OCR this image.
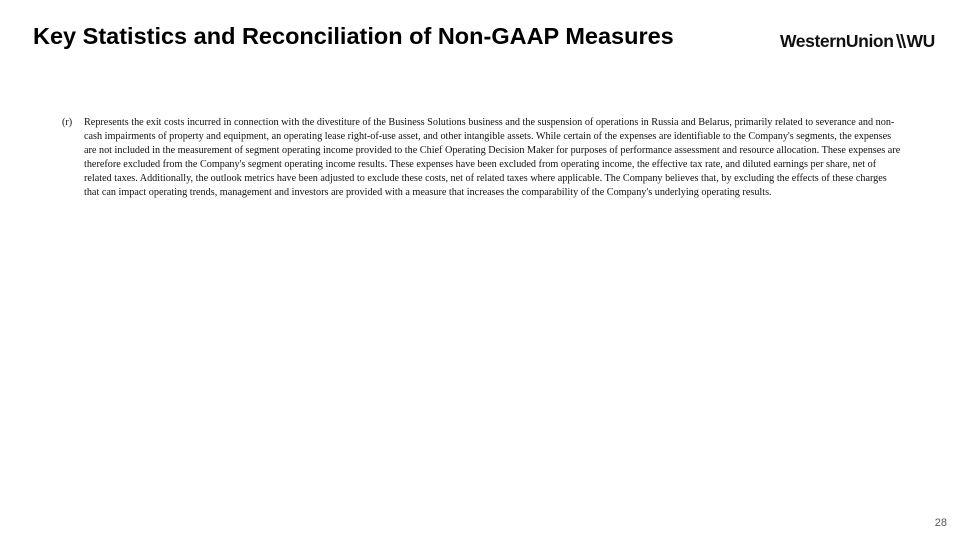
Key Statistics and Reconciliation of Non-GAAP Measures	WesternUnion WU
(r)	Represents the exit costs incurred in connection with the divestiture of the Business Solutions business and the suspension of operations in Russia and Belarus, primarily related to severance and non-cash impairments of property and equipment, an operating lease right-of-use asset, and other intangible assets. While certain of the expenses are identifiable to the Company's segments, the expenses are not included in the measurement of segment operating income provided to the Chief Operating Decision Maker for purposes of performance assessment and resource allocation. These expenses are therefore excluded from the Company's segment operating income results. These expenses have been excluded from operating income, the effective tax rate, and diluted earnings per share, net of related taxes. Additionally, the outlook metrics have been adjusted to exclude these costs, net of related taxes where applicable. The Company believes that, by excluding the effects of these charges that can impact operating trends, management and investors are provided with a measure that increases the comparability of the Company's underlying operating results.

28
